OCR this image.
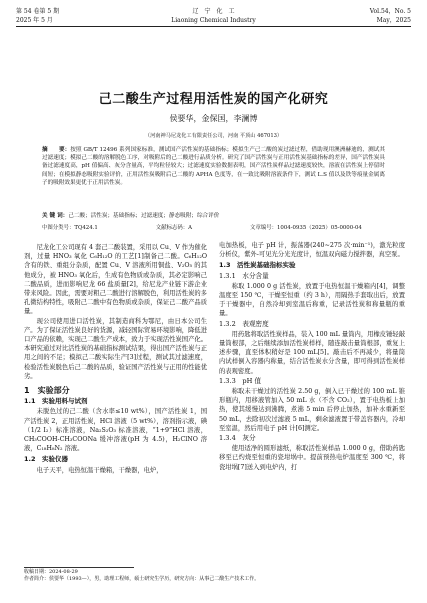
第 54 卷第 5 期
2025 年 5 月
辽　宁　化　工
Liaoning Chemical Industry
Vol.54，No. 5
May，2025
己二酸生产过程用活性炭的国产化研究
侯要华，金保国，李澜博
（河南神马尼龙化工有限责任公司，河南 平顶山 467013）
摘　　要：按照 GB/T 12496 系列国家标准，测试国产活性炭的基础指标；模拟生产己二酸的炭过滤过程，借助现用澳洲赫迪的，测试其过滤速度；模拟己二酸的溶解脱色工序，对吸附后的己二酸进行品质分析。研究了国产活性炭与正用活性炭基础指标的差异，国产活性炭具备过滤速度高，pH 值偏高、灰分含量高，平均粒径较大；过滤速度实验数据表明，国产活性炭样品过滤速度较快，溶液在活性炭上停留时间短；在模拟静态吸附实验评价，正用活性炭吸附后己二酸的 APHA 色度等，在一致比吸附溶液条件下，测试 L.S 值以及铁等痕量金属离子的吸附效果更优于正用活性炭。
关 键 词：己二酸；活性炭；基础指标；过滤速度；静态吸附；综合评价
中图分类号：TQ424.1	文献标志码：A	文章编号：1004-0935（2025）05-0000-04

尼龙化工公司现有 4 套己二酸装置，采用以 Cu、V 作为催化剂，过量 HNO₃ 氧化 C₆H₁₂O 的工艺[1]制备己二酸。C₆H₁₂O 含有的铁、重组分杂质，配置 Cu、V 溶液所用铜盐、V₂O₅ 的其他成分，被 HNO₃ 氧化后，生成有色物质或杂质，其必定影响己二酸品质，进而影响尼龙 66 盐质量[2]，给尼龙产业链下游企业带来风险。因此，需要对粗己二酸进行溶解脱色，利用活性炭的多孔微结构特性，吸附己二酸中有色物质或杂质，保证己二酸产品质量。

现公司使用进口活性炭，其制造商科为鄂尼，由日本公司生产。为了保证活性炭良好的货源，减轻国际贸易环境影响，降低进口产品的依赖，实现己二酸生产成本，致力于实现活性炭国产化。本研究通过对比活性炭的基础指标测试结果，得出国产活性炭与正用之间的不足；模拟己二酸实际生产[3]过程，测试其过滤速度，检验活性炭脱色后己二酸的品质，验证国产活性炭与正用的性能优劣。

1　实验部分
1.1　实验用料与试剂

未脱色过的己二酸（含水率≤10 wt%），国产活性炭 1，国产活性炭 2，正用活性炭，HCl 溶液（5 wt%），溶剂指示液，碘（1/2 I₂）标准溶液，Na₂S₂O₃ 标准溶液，“1+9”HCl 溶液，CH₃COOH-CH₃COONa 缓冲溶液(pH 为 4.5)，H₂ClNO 溶液，C₁₈H₈N₂ 溶液。

1.2　实验仪器

电子天平，电热恒温干燥箱，干燥器，电炉，

电加热板，电子 pH 计，振荡器(240~275 次·min⁻¹)，激光粒度分析仪，紫外-可见光分光光度计，恒温双向磁力搅拌器，真空泵。

1.3　活性炭基础指标实验
1.3.1　水分含量

称取 1.000 0 g 活性炭，放置于电热恒温干燥箱内[4]，调整温度至 150 ℃，干燥至恒重（约 3 h），用隔热手套取出后，放置于干燥器中，自然冷却到室温后称重，记录活性炭和称量瓶的重量。

1.3.2　表观密度

用药匙将取活性炭样品，装入 100 mL 量筒内，用橡皮锤轻敲量筒根部，之后继续添加活性炭样样，随连敲击量筒根部，重复上述步骤，直至体积稍好是 100 mL[5]。敲击后不再减少，将量筒内试样倒入容器内称量，结合活性炭水分含量，即可得到活性炭样的表观密度。

1.3.3　pH 值

称取未干燥过的活性炭 2.50 g，倒入已干燥过的 100 mL 锥形瓶内，用移液管加入 50 mL 水（不含 CO₂），置于电热板上加热，使其缓慢达到沸腾，煮沸 5 min 后停止加热，加补水重新至 50 mL，去除初次过滤液 5 mL，剩余滤液置于带盖容器内，冷却至室温，然后用电子 pH 计[6]测定。

1.3.4　灰分

使用适净的圆形滤纸，称取活性炭样品 1.000 0 g，借助药匙移至已灼烧至恒重的瓷坩埚中。提前预热电炉温度至 300 ℃，将瓷坩埚[7]送入到电炉内，打

收稿日期：2024-08-29
作者简介：侯要华（1993—），男，助理工程师，硕士研究生学历，研究方向：从事己二酸生产技术工作。
